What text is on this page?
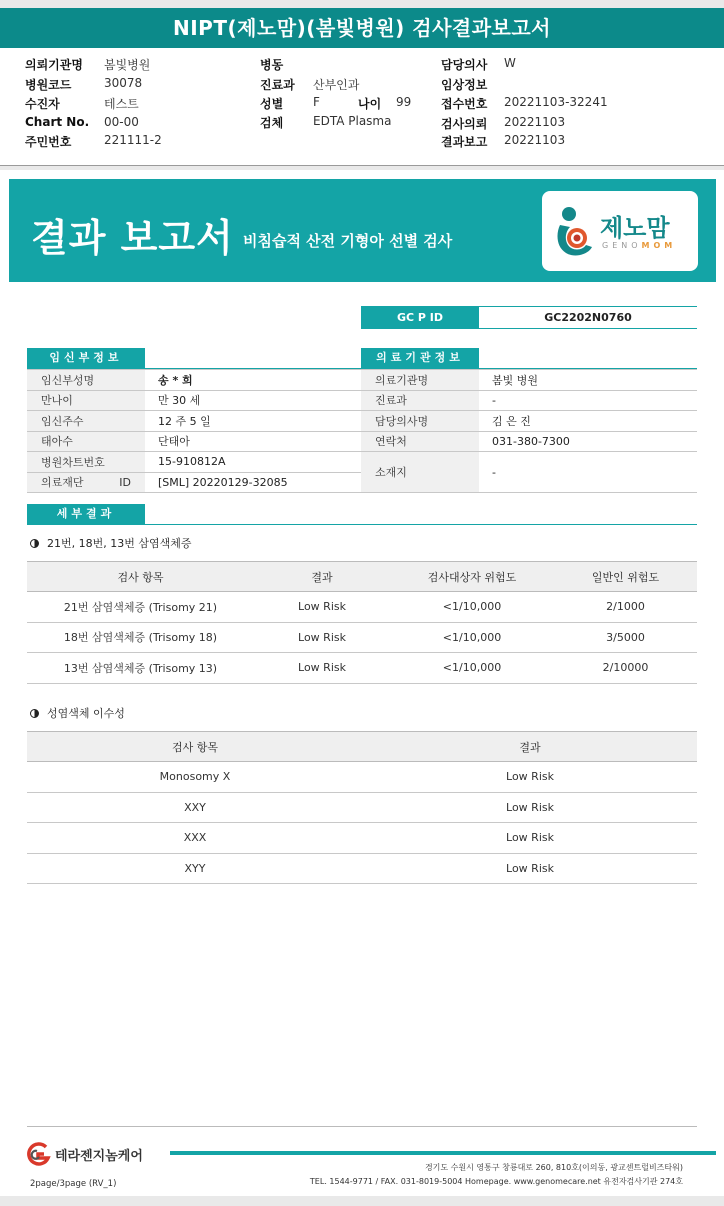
NIPT(제노맘)(봄빛병원) 검사결과보고서
의뢰기관명 봄빛병원
병원코드	30078
수진자	테스트
Chart No. 00-00
주민번호	221111-2
병동
진료과 산부인과
성별 F	나이 99
검체 EDTA Plasma
담당의사 W
임상정보
접수번호 20221103-32241
검사의뢰 20221103
결과보고 20221103
결과 보고서 비침습적 산전 기형아 선별 검사	제노맘
GENOMOM
GC P ID	GC2202N0760
임신부정보
임신부성명	송 * 희
만나이	만 30 세
임신주수	12 주 5 일
태아수	단태아
병원차트번호	15-910812A
의료재단 ID	[SML] 20220129-32085
의료기관정보
의료기관명	봄빛 병원
진료과	-
담당의사명	김 은 진
연락처	031-380-7300
소재지	-
세부결과
21번, 18번, 13번 삼염색체증
검사 항목	결과	검사대상자 위험도	일반인 위험도
21번 삼염색체증 (Trisomy 21)	Low Risk	<1/10,000	2/1000
18번 삼염색체증 (Trisomy 18)	Low Risk	<1/10,000	3/5000
13번 삼염색체증 (Trisomy 13)	Low Risk	<1/10,000	2/10000
성염색체 이수성
검사 항목	결과
Monosomy X	Low Risk
XXY	Low Risk
XXX	Low Risk
XYY	Low Risk
테라젠지놈케어
경기도 수원시 영통구 창룡대로 260, 810호(이의동, 광교센트럴비즈타워)
TEL. 1544-9771 / FAX. 031-8019-5004 Homepage. www.genomecare.net 유전자검사기관 274호
2page/3page (RV_1)
